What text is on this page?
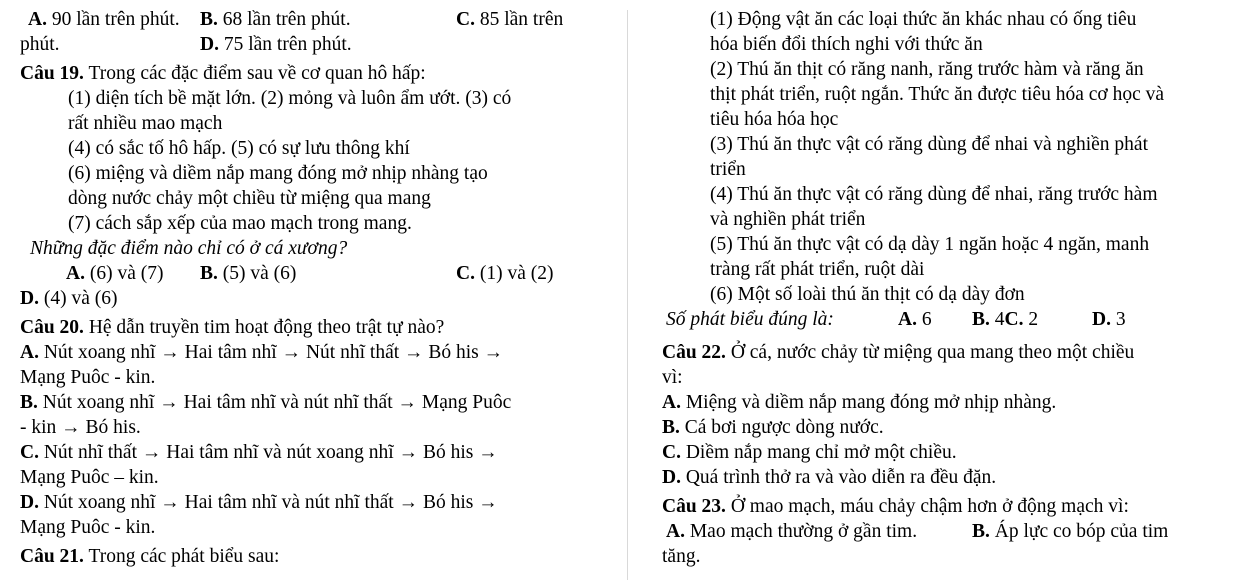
A. 90 lần trên phút. B. 68 lần trên phút.	C. 85 lần trên
phút.	D. 75 lần trên phút.
Câu 19. Trong các đặc điểm sau về cơ quan hô hấp:
(1) diện tích bề mặt lớn. (2) mỏng và luôn ẩm ướt. (3) có
rất nhiều mao mạch
(4) có sắc tố hô hấp. (5) có sự lưu thông khí
(6) miệng và diềm nắp mang đóng mở nhịp nhàng tạo
dòng nước chảy một chiều từ miệng qua mang
(7) cách sắp xếp của mao mạch trong mang.
Những đặc điểm nào chỉ có ở cá xương?
A. (6) và (7) B. (5) và (6)	C. (1) và (2)
D. (4) và (6)
Câu 20. Hệ dẫn truyền tim hoạt động theo trật tự nào?
A. Nút xoang nhĩ → Hai tâm nhĩ → Nút nhĩ thất → Bó his →
Mạng Puôc - kin.
B. Nút xoang nhĩ → Hai tâm nhĩ và nút nhĩ thất → Mạng Puôc
- kin → Bó his.
C. Nút nhĩ thất → Hai tâm nhĩ và nút xoang nhĩ → Bó his →
Mạng Puôc – kin.
D. Nút xoang nhĩ → Hai tâm nhĩ và nút nhĩ thất → Bó his →
Mạng Puôc - kin.
Câu 21. Trong các phát biểu sau:
(1) Động vật ăn các loại thức ăn khác nhau có ống tiêu
hóa biến đổi thích nghi với thức ăn
(2) Thú ăn thịt có răng nanh, răng trước hàm và răng ăn
thịt phát triển, ruột ngắn. Thức ăn được tiêu hóa cơ học và
tiêu hóa hóa học
(3) Thú ăn thực vật có răng dùng để nhai và nghiền phát
triển
(4) Thú ăn thực vật có răng dùng để nhai, răng trước hàm
và nghiền phát triển
(5) Thú ăn thực vật có dạ dày 1 ngăn hoặc 4 ngăn, manh
tràng rất phát triển, ruột dài
(6) Một số loài thú ăn thịt có dạ dày đơn
Số phát biểu đúng là:	A. 6 B. 4C. 2	D. 3
Câu 22. Ở cá, nước chảy từ miệng qua mang theo một chiều
vì:
A. Miệng và diềm nắp mang đóng mở nhịp nhàng.
B. Cá bơi ngược dòng nước.
C. Diềm nắp mang chỉ mở một chiều.
D. Quá trình thở ra và vào diễn ra đều đặn.
Câu 23. Ở mao mạch, máu chảy chậm hơn ở động mạch vì:
A. Mao mạch thường ở gần tim.	B. Áp lực co bóp của tim
tăng.
